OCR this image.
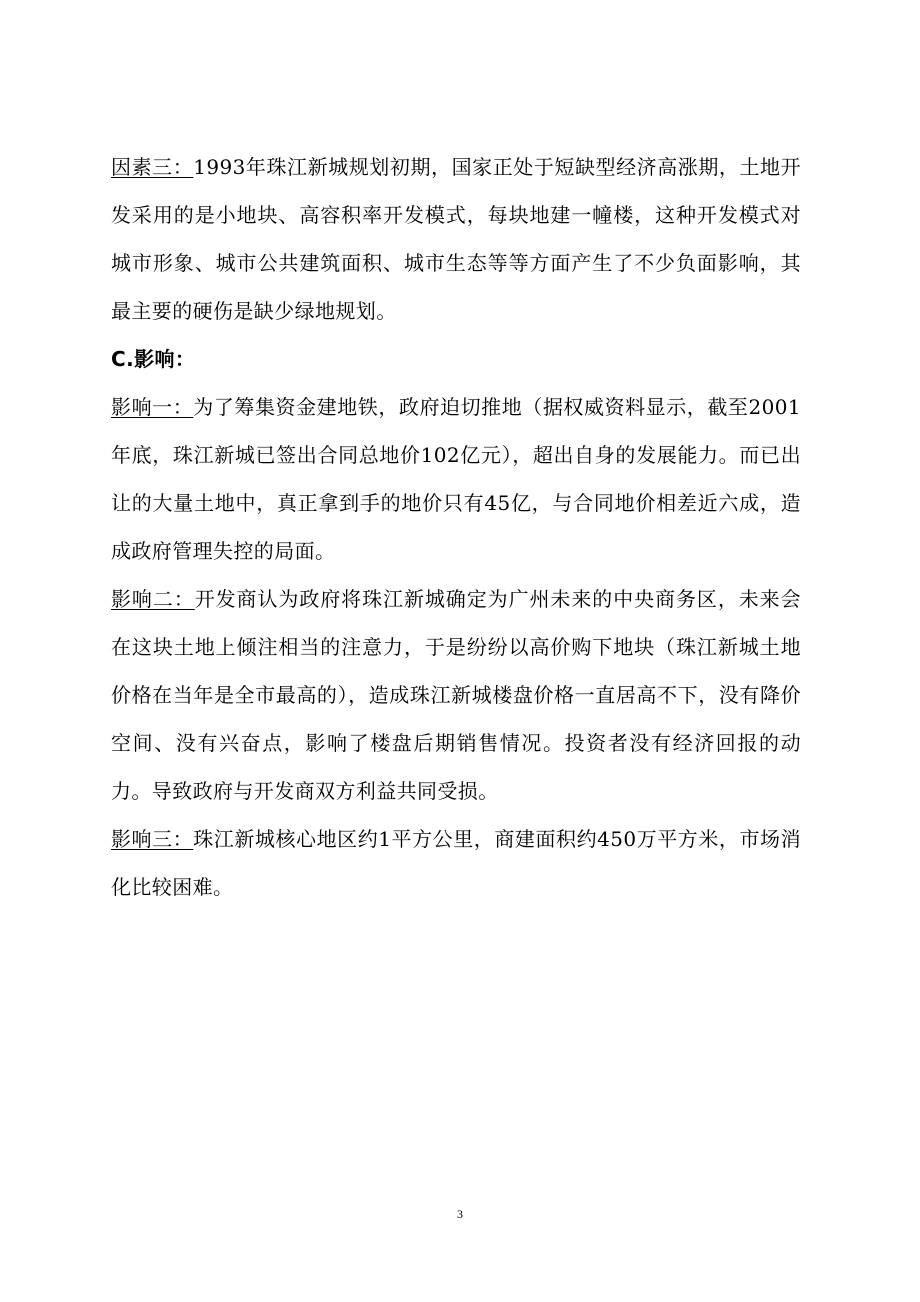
因素三：1993年珠江新城规划初期，国家正处于短缺型经济高涨期，土地开发采用的是小地块、高容积率开发模式，每块地建一幢楼，这种开发模式对城市形象、城市公共建筑面积、城市生态等等方面产生了不少负面影响，其最主要的硬伤是缺少绿地规划。

C.影响：

影响一：为了筹集资金建地铁，政府迫切推地（据权威资料显示，截至2001年底，珠江新城已签出合同总地价102亿元），超出自身的发展能力。而已出让的大量土地中，真正拿到手的地价只有45亿，与合同地价相差近六成，造成政府管理失控的局面。

影响二：开发商认为政府将珠江新城确定为广州未来的中央商务区，未来会在这块土地上倾注相当的注意力，于是纷纷以高价购下地块（珠江新城土地价格在当年是全市最高的），造成珠江新城楼盘价格一直居高不下，没有降价空间、没有兴奋点，影响了楼盘后期销售情况。投资者没有经济回报的动力。导致政府与开发商双方利益共同受损。

影响三：珠江新城核心地区约1平方公里，商建面积约450万平方米，市场消化比较困难。

3
